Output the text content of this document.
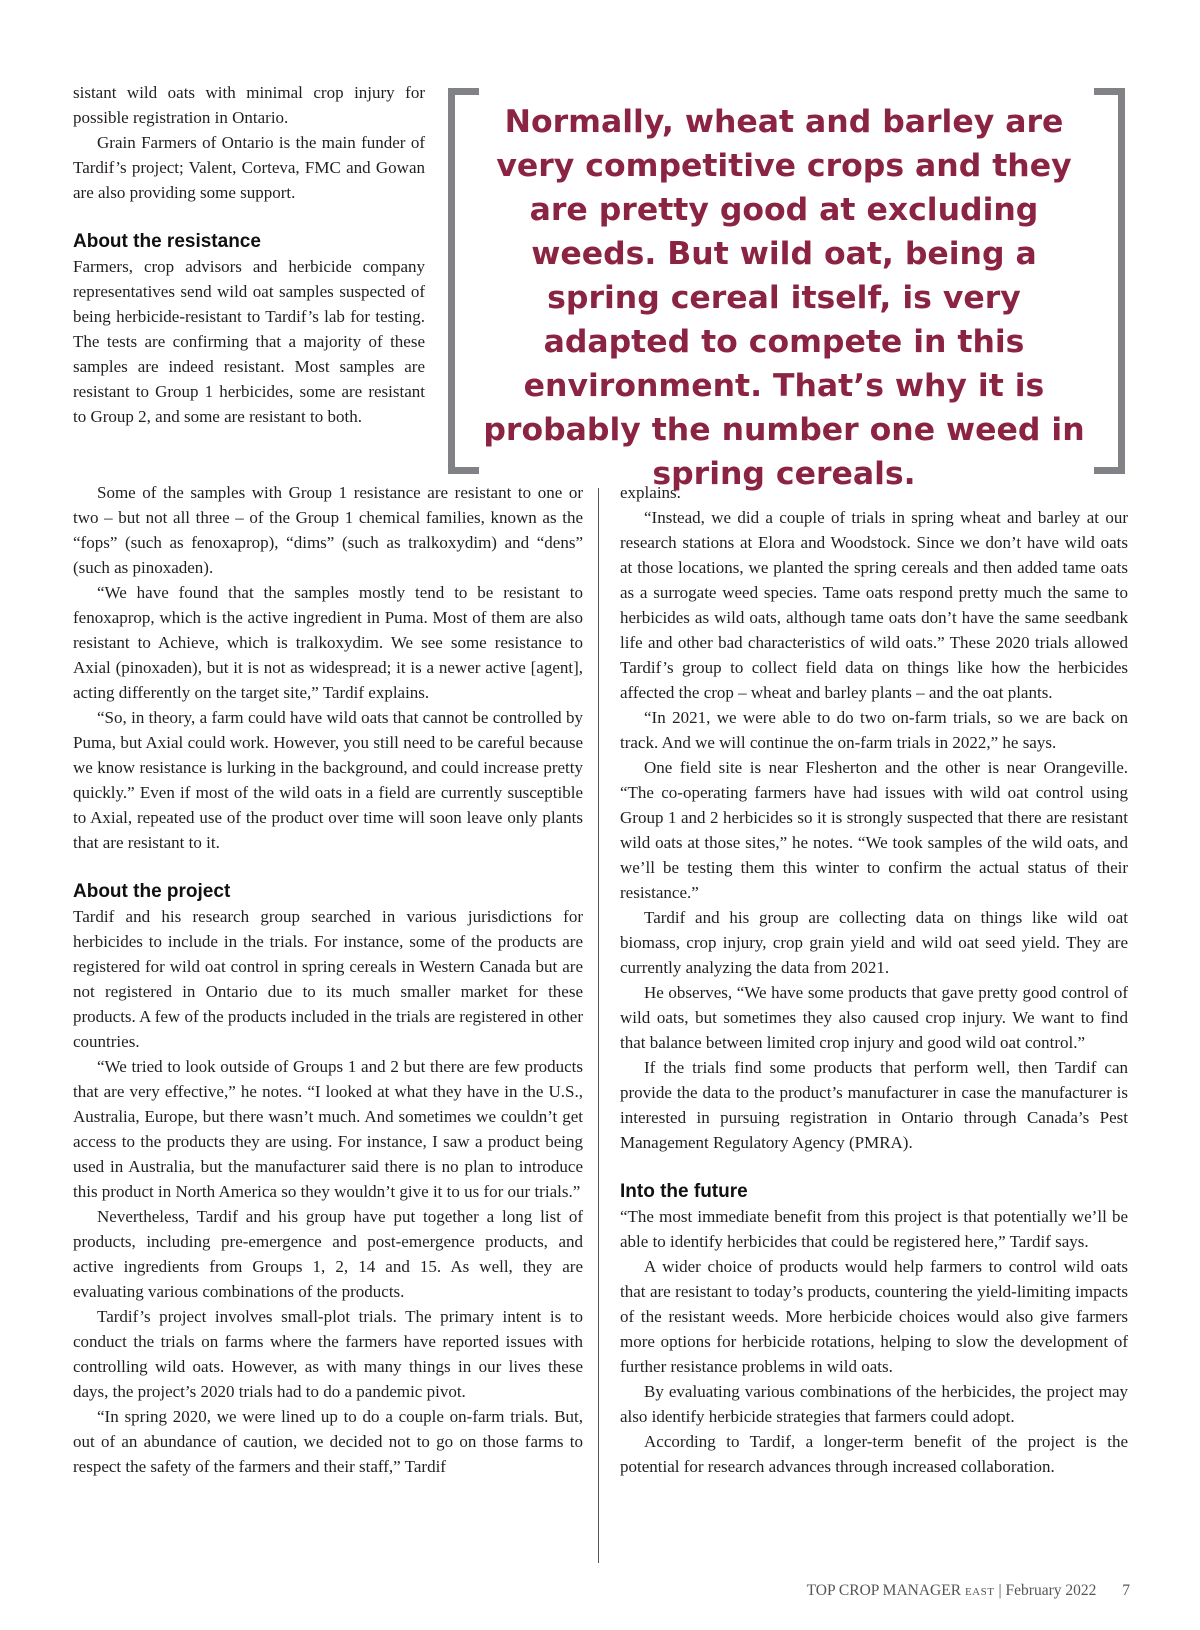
Normally, wheat and barley are very competitive crops and they are pretty good at excluding weeds. But wild oat, being a spring cereal itself, is very adapted to compete in this environment. That’s why it is probably the number one weed in spring cereals.

sistant wild oats with minimal crop injury for possible registration in Ontario.

Grain Farmers of Ontario is the main funder of Tardif’s project; Valent, Corteva, FMC and Gowan are also providing some support.

About the resistance

Farmers, crop advisors and herbicide company representatives send wild oat samples suspected of being herbicide-resistant to Tardif’s lab for testing. The tests are confirming that a majority of these samples are indeed resistant. Most samples are resistant to Group 1 herbicides, some are resistant to Group 2, and some are resistant to both.

Some of the samples with Group 1 resistance are resistant to one or two – but not all three – of the Group 1 chemical families, known as the “fops” (such as fenoxaprop), “dims” (such as tralkoxydim) and “dens” (such as pinoxaden).

“We have found that the samples mostly tend to be resistant to fenoxaprop, which is the active ingredient in Puma. Most of them are also resistant to Achieve, which is tralkoxydim. We see some resistance to Axial (pinoxaden), but it is not as widespread; it is a newer active [agent], acting differently on the target site,” Tardif explains.

“So, in theory, a farm could have wild oats that cannot be controlled by Puma, but Axial could work. However, you still need to be careful because we know resistance is lurking in the background, and could increase pretty quickly.” Even if most of the wild oats in a field are currently susceptible to Axial, repeated use of the product over time will soon leave only plants that are resistant to it.

About the project

Tardif and his research group searched in various jurisdictions for herbicides to include in the trials. For instance, some of the products are registered for wild oat control in spring cereals in Western Canada but are not registered in Ontario due to its much smaller market for these products. A few of the products included in the trials are registered in other countries.

“We tried to look outside of Groups 1 and 2 but there are few products that are very effective,” he notes. “I looked at what they have in the U.S., Australia, Europe, but there wasn’t much. And sometimes we couldn’t get access to the products they are using. For instance, I saw a product being used in Australia, but the manufacturer said there is no plan to introduce this product in North America so they wouldn’t give it to us for our trials.”

Nevertheless, Tardif and his group have put together a long list of products, including pre-emergence and post-emergence products, and active ingredients from Groups 1, 2, 14 and 15. As well, they are evaluating various combinations of the products.

Tardif’s project involves small-plot trials. The primary intent is to conduct the trials on farms where the farmers have reported issues with controlling wild oats. However, as with many things in our lives these days, the project’s 2020 trials had to do a pandemic pivot.

“In spring 2020, we were lined up to do a couple on-farm trials. But, out of an abundance of caution, we decided not to go on those farms to respect the safety of the farmers and their staff,” Tardif

explains.

“Instead, we did a couple of trials in spring wheat and barley at our research stations at Elora and Woodstock. Since we don’t have wild oats at those locations, we planted the spring cereals and then added tame oats as a surrogate weed species. Tame oats respond pretty much the same to herbicides as wild oats, although tame oats don’t have the same seedbank life and other bad characteristics of wild oats.” These 2020 trials allowed Tardif’s group to collect field data on things like how the herbicides affected the crop – wheat and barley plants – and the oat plants.

“In 2021, we were able to do two on-farm trials, so we are back on track. And we will continue the on-farm trials in 2022,” he says.

One field site is near Flesherton and the other is near Orangeville. “The co-operating farmers have had issues with wild oat control using Group 1 and 2 herbicides so it is strongly suspected that there are resistant wild oats at those sites,” he notes. “We took samples of the wild oats, and we’ll be testing them this winter to confirm the actual status of their resistance.”

Tardif and his group are collecting data on things like wild oat biomass, crop injury, crop grain yield and wild oat seed yield. They are currently analyzing the data from 2021.

He observes, “We have some products that gave pretty good control of wild oats, but sometimes they also caused crop injury. We want to find that balance between limited crop injury and good wild oat control.”

If the trials find some products that perform well, then Tardif can provide the data to the product’s manufacturer in case the manufacturer is interested in pursuing registration in Ontario through Canada’s Pest Management Regulatory Agency (PMRA).

Into the future

“The most immediate benefit from this project is that potentially we’ll be able to identify herbicides that could be registered here,” Tardif says.

A wider choice of products would help farmers to control wild oats that are resistant to today’s products, countering the yield-limiting impacts of the resistant weeds. More herbicide choices would also give farmers more options for herbicide rotations, helping to slow the development of further resistance problems in wild oats.

By evaluating various combinations of the herbicides, the project may also identify herbicide strategies that farmers could adopt.

According to Tardif, a longer-term benefit of the project is the potential for research advances through increased collaboration.

TOP CROP MANAGER EAST | February 2022 7
